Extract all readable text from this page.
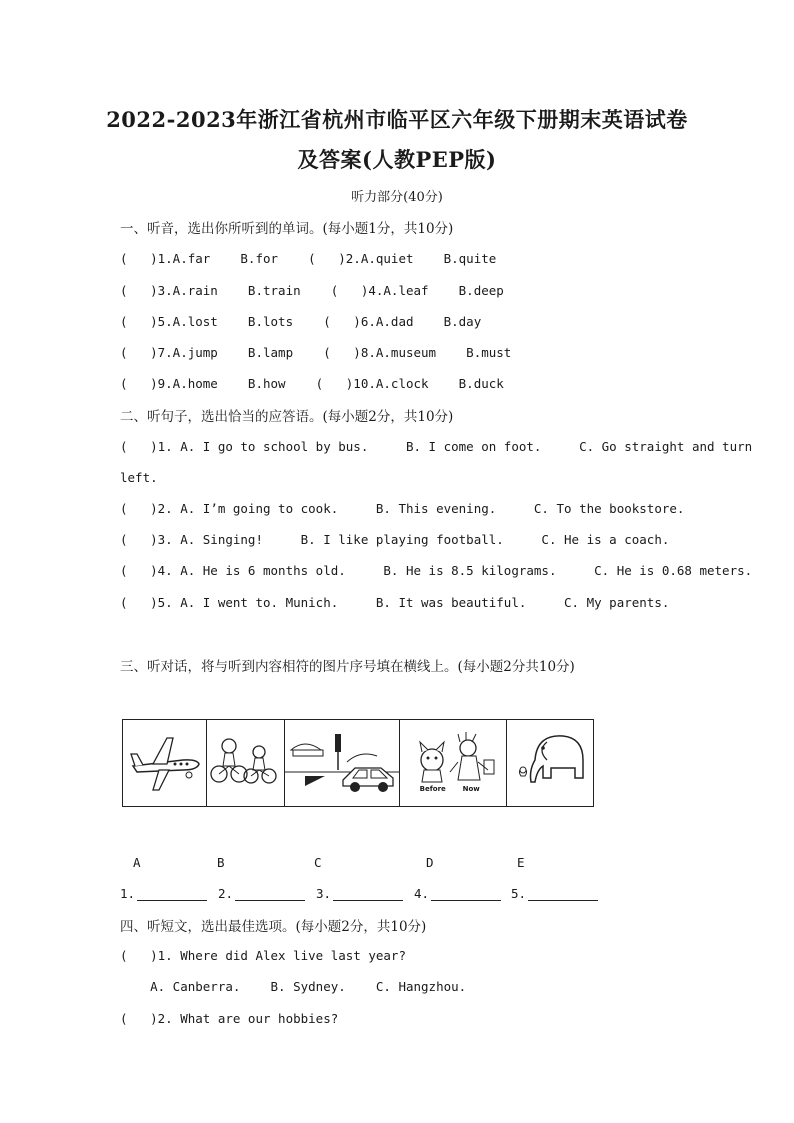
2022-2023年浙江省杭州市临平区六年级下册期末英语试卷
及答案(人教PEP版)
听力部分(40分)
一、听音，选出你所听到的单词。(每小题1分，共10分)
(   )1.A.far    B.for    (   )2.A.quiet    B.quite
(   )3.A.rain    B.train    (   )4.A.leaf    B.deep
(   )5.A.lost    B.lots    (   )6.A.dad    B.day
(   )7.A.jump    B.lamp    (   )8.A.museum    B.must
(   )9.A.home    B.how    (   )10.A.clock    B.duck
二、听句子，选出恰当的应答语。(每小题2分，共10分)
(   )1. A. I go to school by bus.     B. I come on foot.     C. Go straight and turn
left.
(   )2. A. I’m going to cook.     B. This evening.     C. To the bookstore.
(   )3. A. Singing!     B. I like playing football.     C. He is a coach.
(   )4. A. He is 6 months old.     B. He is 8.5 kilograms.     C. He is 0.68 meters.
(   )5. A. I went to. Munich.     B. It was beautiful.     C. My parents.
三、听对话，将与听到内容相符的图片序号填在横线上。(每小题2分共10分)
Before Now
A	B	C	D	E
1.	2.	3.	4.	5.
四、听短文，选出最佳选项。(每小题2分，共10分)
(   )1. Where did Alex live last year?
A. Canberra.    B. Sydney.    C. Hangzhou.
(   )2. What are our hobbies?
